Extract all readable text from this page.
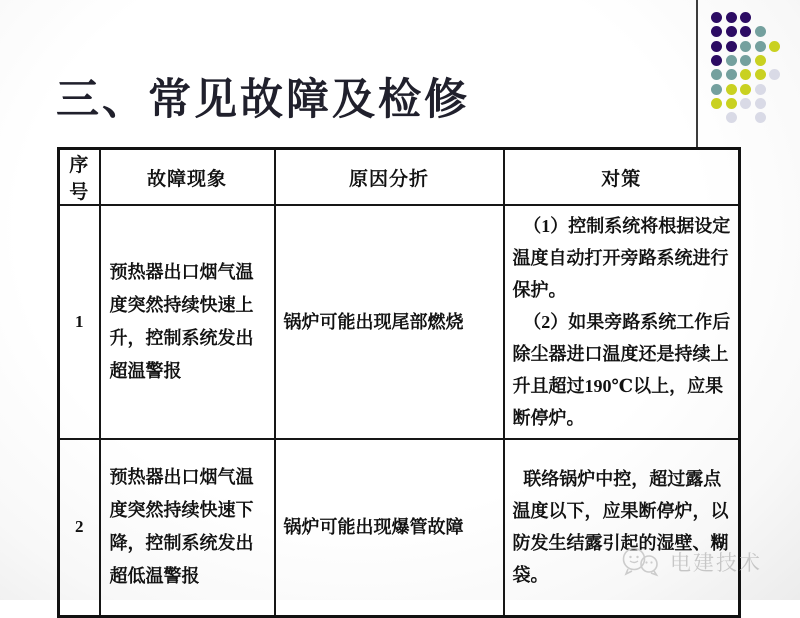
三、常见故障及检修
序号	故障现象	原因分折	对策
1	预热器出口烟气温度突然持续快速上升，控制系统发出超温警报	锅炉可能出现尾部燃烧	（1）控制系统将根据设定温度自动打开旁路系统进行保护。

（2）如果旁路系统工作后除尘器进口温度还是持续上升且超过190℃以上，应果断停炉。

2	预热器出口烟气温度突然持续快速下降，控制系统发出超低温警报	锅炉可能出现爆管故障	联络锅炉中控，超过露点温度以下，应果断停炉，以防发生结露引起的湿壁、糊袋。

电建技术
